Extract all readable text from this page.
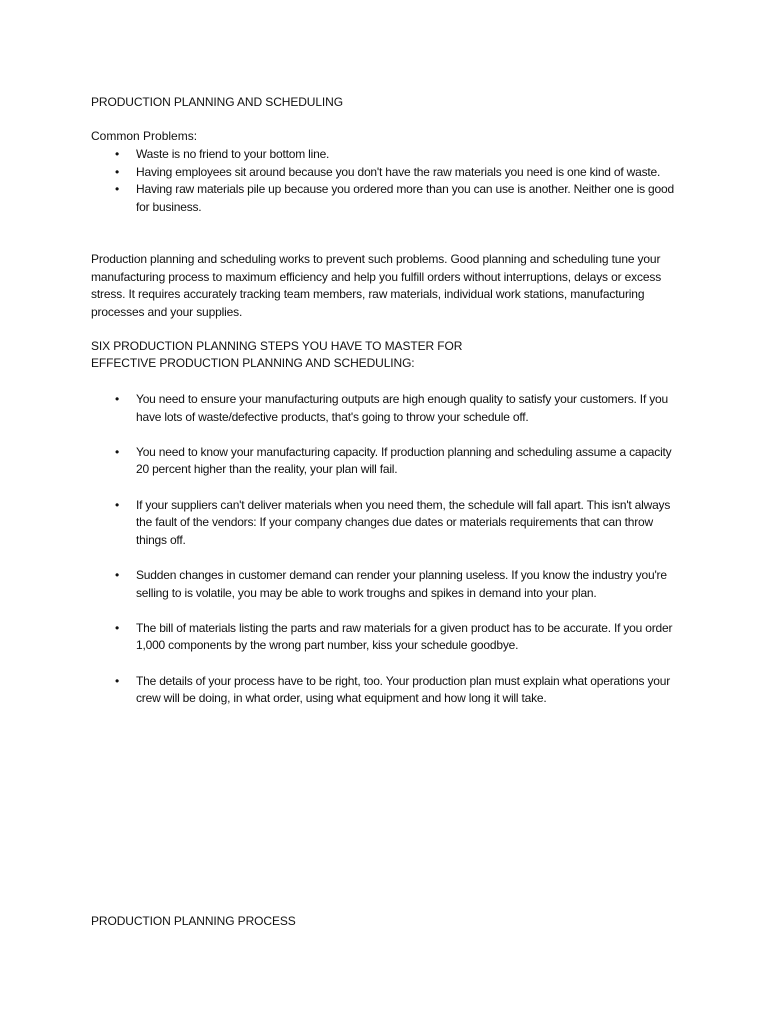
PRODUCTION PLANNING AND SCHEDULING
Common Problems:
• Waste is no friend to your bottom line.
• Having employees sit around because you don't have the raw materials you need is one kind of waste.
• Having raw materials pile up because you ordered more than you can use is another. Neither one is good for business.
Production planning and scheduling works to prevent such problems. Good planning and scheduling tune your manufacturing process to maximum efficiency and help you fulfill orders without interruptions, delays or excess stress. It requires accurately tracking team members, raw materials, individual work stations, manufacturing processes and your supplies.
SIX PRODUCTION PLANNING STEPS YOU HAVE TO MASTER FOR
EFFECTIVE PRODUCTION PLANNING AND SCHEDULING:
• You need to ensure your manufacturing outputs are high enough quality to satisfy your customers. If you have lots of waste/defective products, that's going to throw your schedule off.
• You need to know your manufacturing capacity. If production planning and scheduling assume a capacity 20 percent higher than the reality, your plan will fail.
• If your suppliers can't deliver materials when you need them, the schedule will fall apart. This isn't always the fault of the vendors: If your company changes due dates or materials requirements that can throw things off.
• Sudden changes in customer demand can render your planning useless. If you know the industry you're selling to is volatile, you may be able to work troughs and spikes in demand into your plan.
• The bill of materials listing the parts and raw materials for a given product has to be accurate. If you order 1,000 components by the wrong part number, kiss your schedule goodbye.
• The details of your process have to be right, too. Your production plan must explain what operations your crew will be doing, in what order, using what equipment and how long it will take.
PRODUCTION PLANNING PROCESS
